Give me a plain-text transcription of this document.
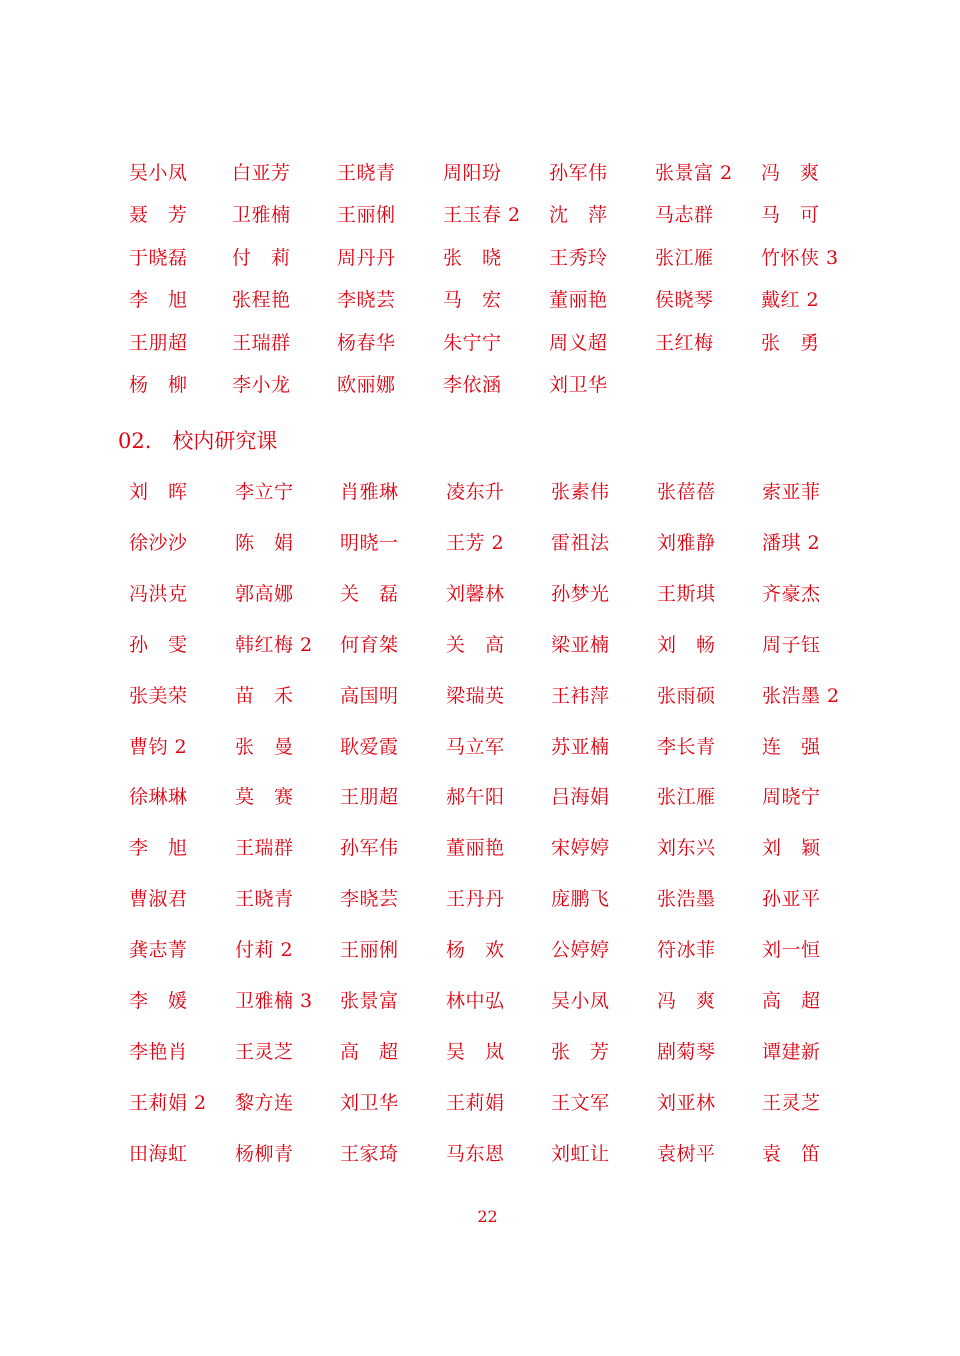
吴小凤 白亚芳 王晓青 周阳玢 孙军伟 张景富 2 冯　爽
聂　芳 卫雅楠 王丽俐 王玉春 2 沈　萍 马志群 马　可
于晓磊 付　莉 周丹丹 张　晓 王秀玲 张江雁 竹怀侠 3
李　旭 张程艳 李晓芸 马　宏 董丽艳 侯晓琴 戴红 2
王朋超 王瑞群 杨春华 朱宁宁 周义超 王红梅 张　勇
杨　柳 李小龙 欧丽娜 李依涵 刘卫华
02.　校内研究课
刘　晖 李立宁 肖雅琳 凌东升 张素伟 张蓓蓓 索亚菲
徐沙沙 陈　娟 明晓一 王芳 2 雷祖法 刘雅静 潘琪 2
冯洪克 郭高娜 关　磊 刘馨林 孙梦光 王斯琪 齐豪杰
孙　雯 韩红梅 2 何育桀 关　高 梁亚楠 刘　畅 周子钰
张美荣 苗　禾 高国明 梁瑞英 王袆萍 张雨硕 张浩墨 2
曹钧 2	张　曼 耿爱霞 马立军 苏亚楠 李长青 连　强
徐琳琳 莫　赛 王朋超 郝午阳 吕海娟 张江雁 周晓宁
李　旭 王瑞群 孙军伟 董丽艳 宋婷婷 刘东兴 刘　颖
曹淑君 王晓青 李晓芸 王丹丹 庞鹏飞 张浩墨 孙亚平
龚志菁 付莉 2 王丽俐 杨　欢 公婷婷 符冰菲 刘一恒
李　媛 卫雅楠 3 张景富 林中弘 吴小凤 冯　爽 高　超
李艳肖 王灵芝 高　超 吴　岚 张　芳 剧菊琴 谭建新
王莉娟 2 黎方连 刘卫华 王莉娟 王文军 刘亚林 王灵芝
田海虹 杨柳青 王家琦 马东恩 刘虹让 袁树平 袁　笛
22
